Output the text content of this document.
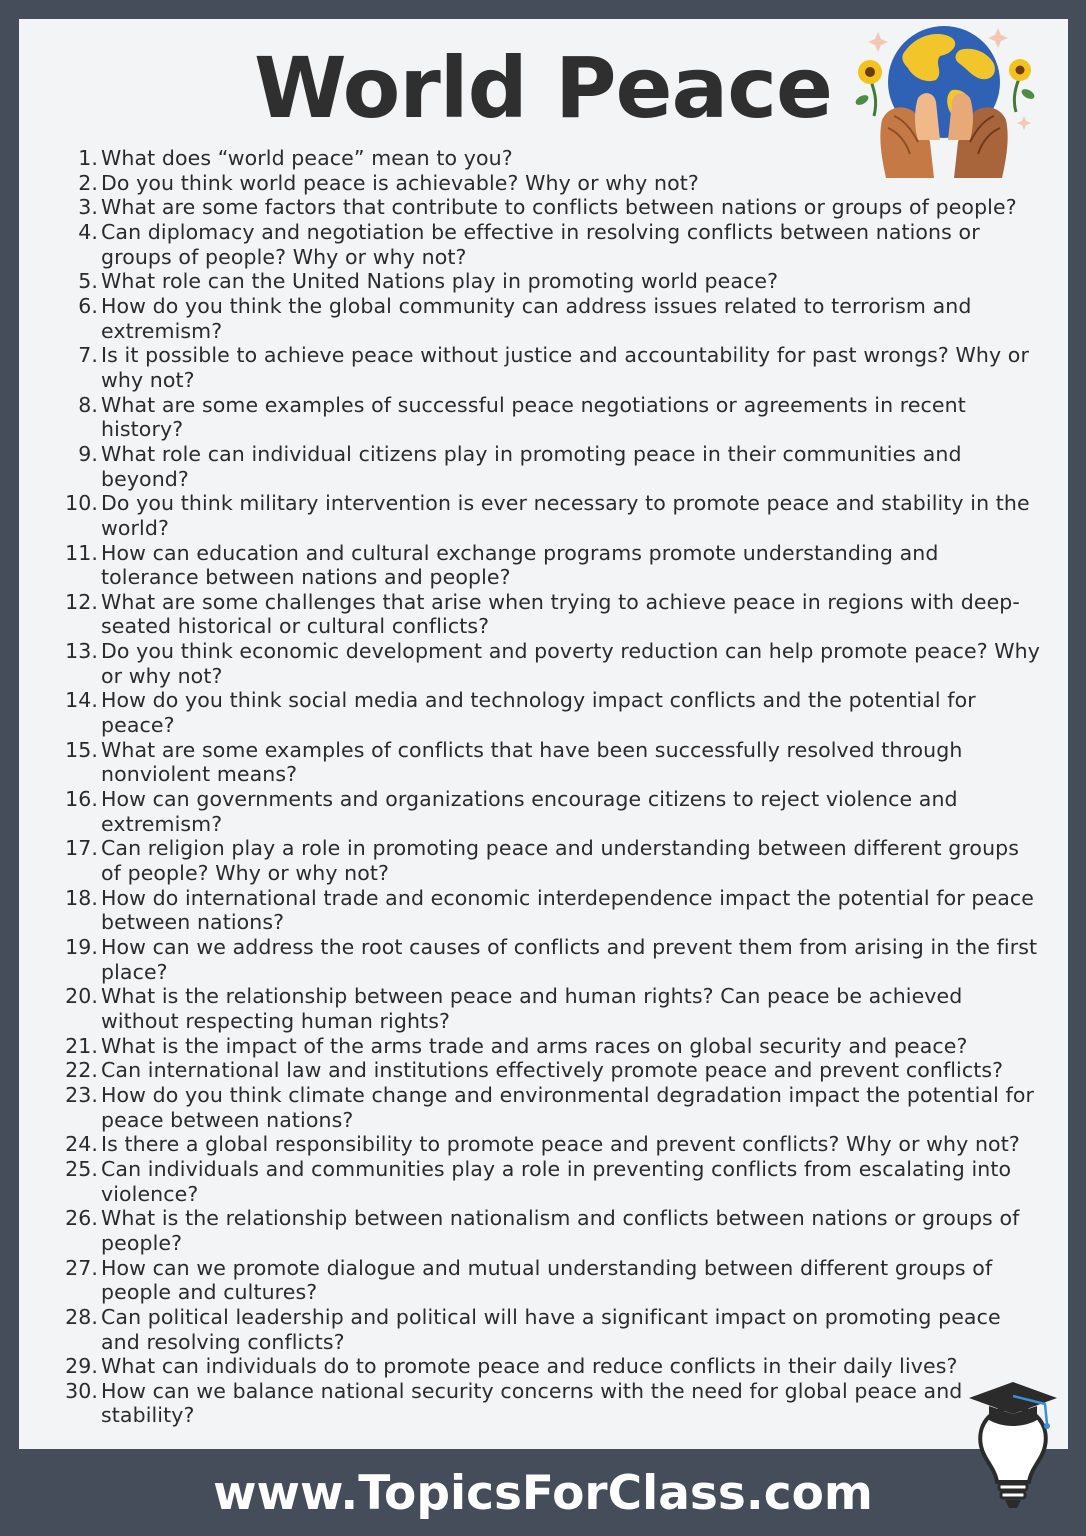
World Peace
1. What does “world peace” mean to you?
2. Do you think world peace is achievable? Why or why not?
3. What are some factors that contribute to conflicts between nations or groups of people?
4. Can diplomacy and negotiation be effective in resolving conflicts between nations or groups of people? Why or why not?
5. What role can the United Nations play in promoting world peace?
6. How do you think the global community can address issues related to terrorism and extremism?
7. Is it possible to achieve peace without justice and accountability for past wrongs? Why or why not?
8. What are some examples of successful peace negotiations or agreements in recent history?
9. What role can individual citizens play in promoting peace in their communities and beyond?
10. Do you think military intervention is ever necessary to promote peace and stability in the world?
11. How can education and cultural exchange programs promote understanding and tolerance between nations and people?
12. What are some challenges that arise when trying to achieve peace in regions with deep-seated historical or cultural conflicts?
13. Do you think economic development and poverty reduction can help promote peace? Why or why not?
14. How do you think social media and technology impact conflicts and the potential for peace?
15. What are some examples of conflicts that have been successfully resolved through nonviolent means?
16. How can governments and organizations encourage citizens to reject violence and extremism?
17. Can religion play a role in promoting peace and understanding between different groups of people? Why or why not?
18. How do international trade and economic interdependence impact the potential for peace between nations?
19. How can we address the root causes of conflicts and prevent them from arising in the first place?
20. What is the relationship between peace and human rights? Can peace be achieved without respecting human rights?
21. What is the impact of the arms trade and arms races on global security and peace?
22. Can international law and institutions effectively promote peace and prevent conflicts?
23. How do you think climate change and environmental degradation impact the potential for peace between nations?
24. Is there a global responsibility to promote peace and prevent conflicts? Why or why not?
25. Can individuals and communities play a role in preventing conflicts from escalating into violence?
26. What is the relationship between nationalism and conflicts between nations or groups of people?
27. How can we promote dialogue and mutual understanding between different groups of people and cultures?
28. Can political leadership and political will have a significant impact on promoting peace and resolving conflicts?
29. What can individuals do to promote peace and reduce conflicts in their daily lives?
30. How can we balance national security concerns with the need for global peace and stability?
www.TopicsForClass.com
